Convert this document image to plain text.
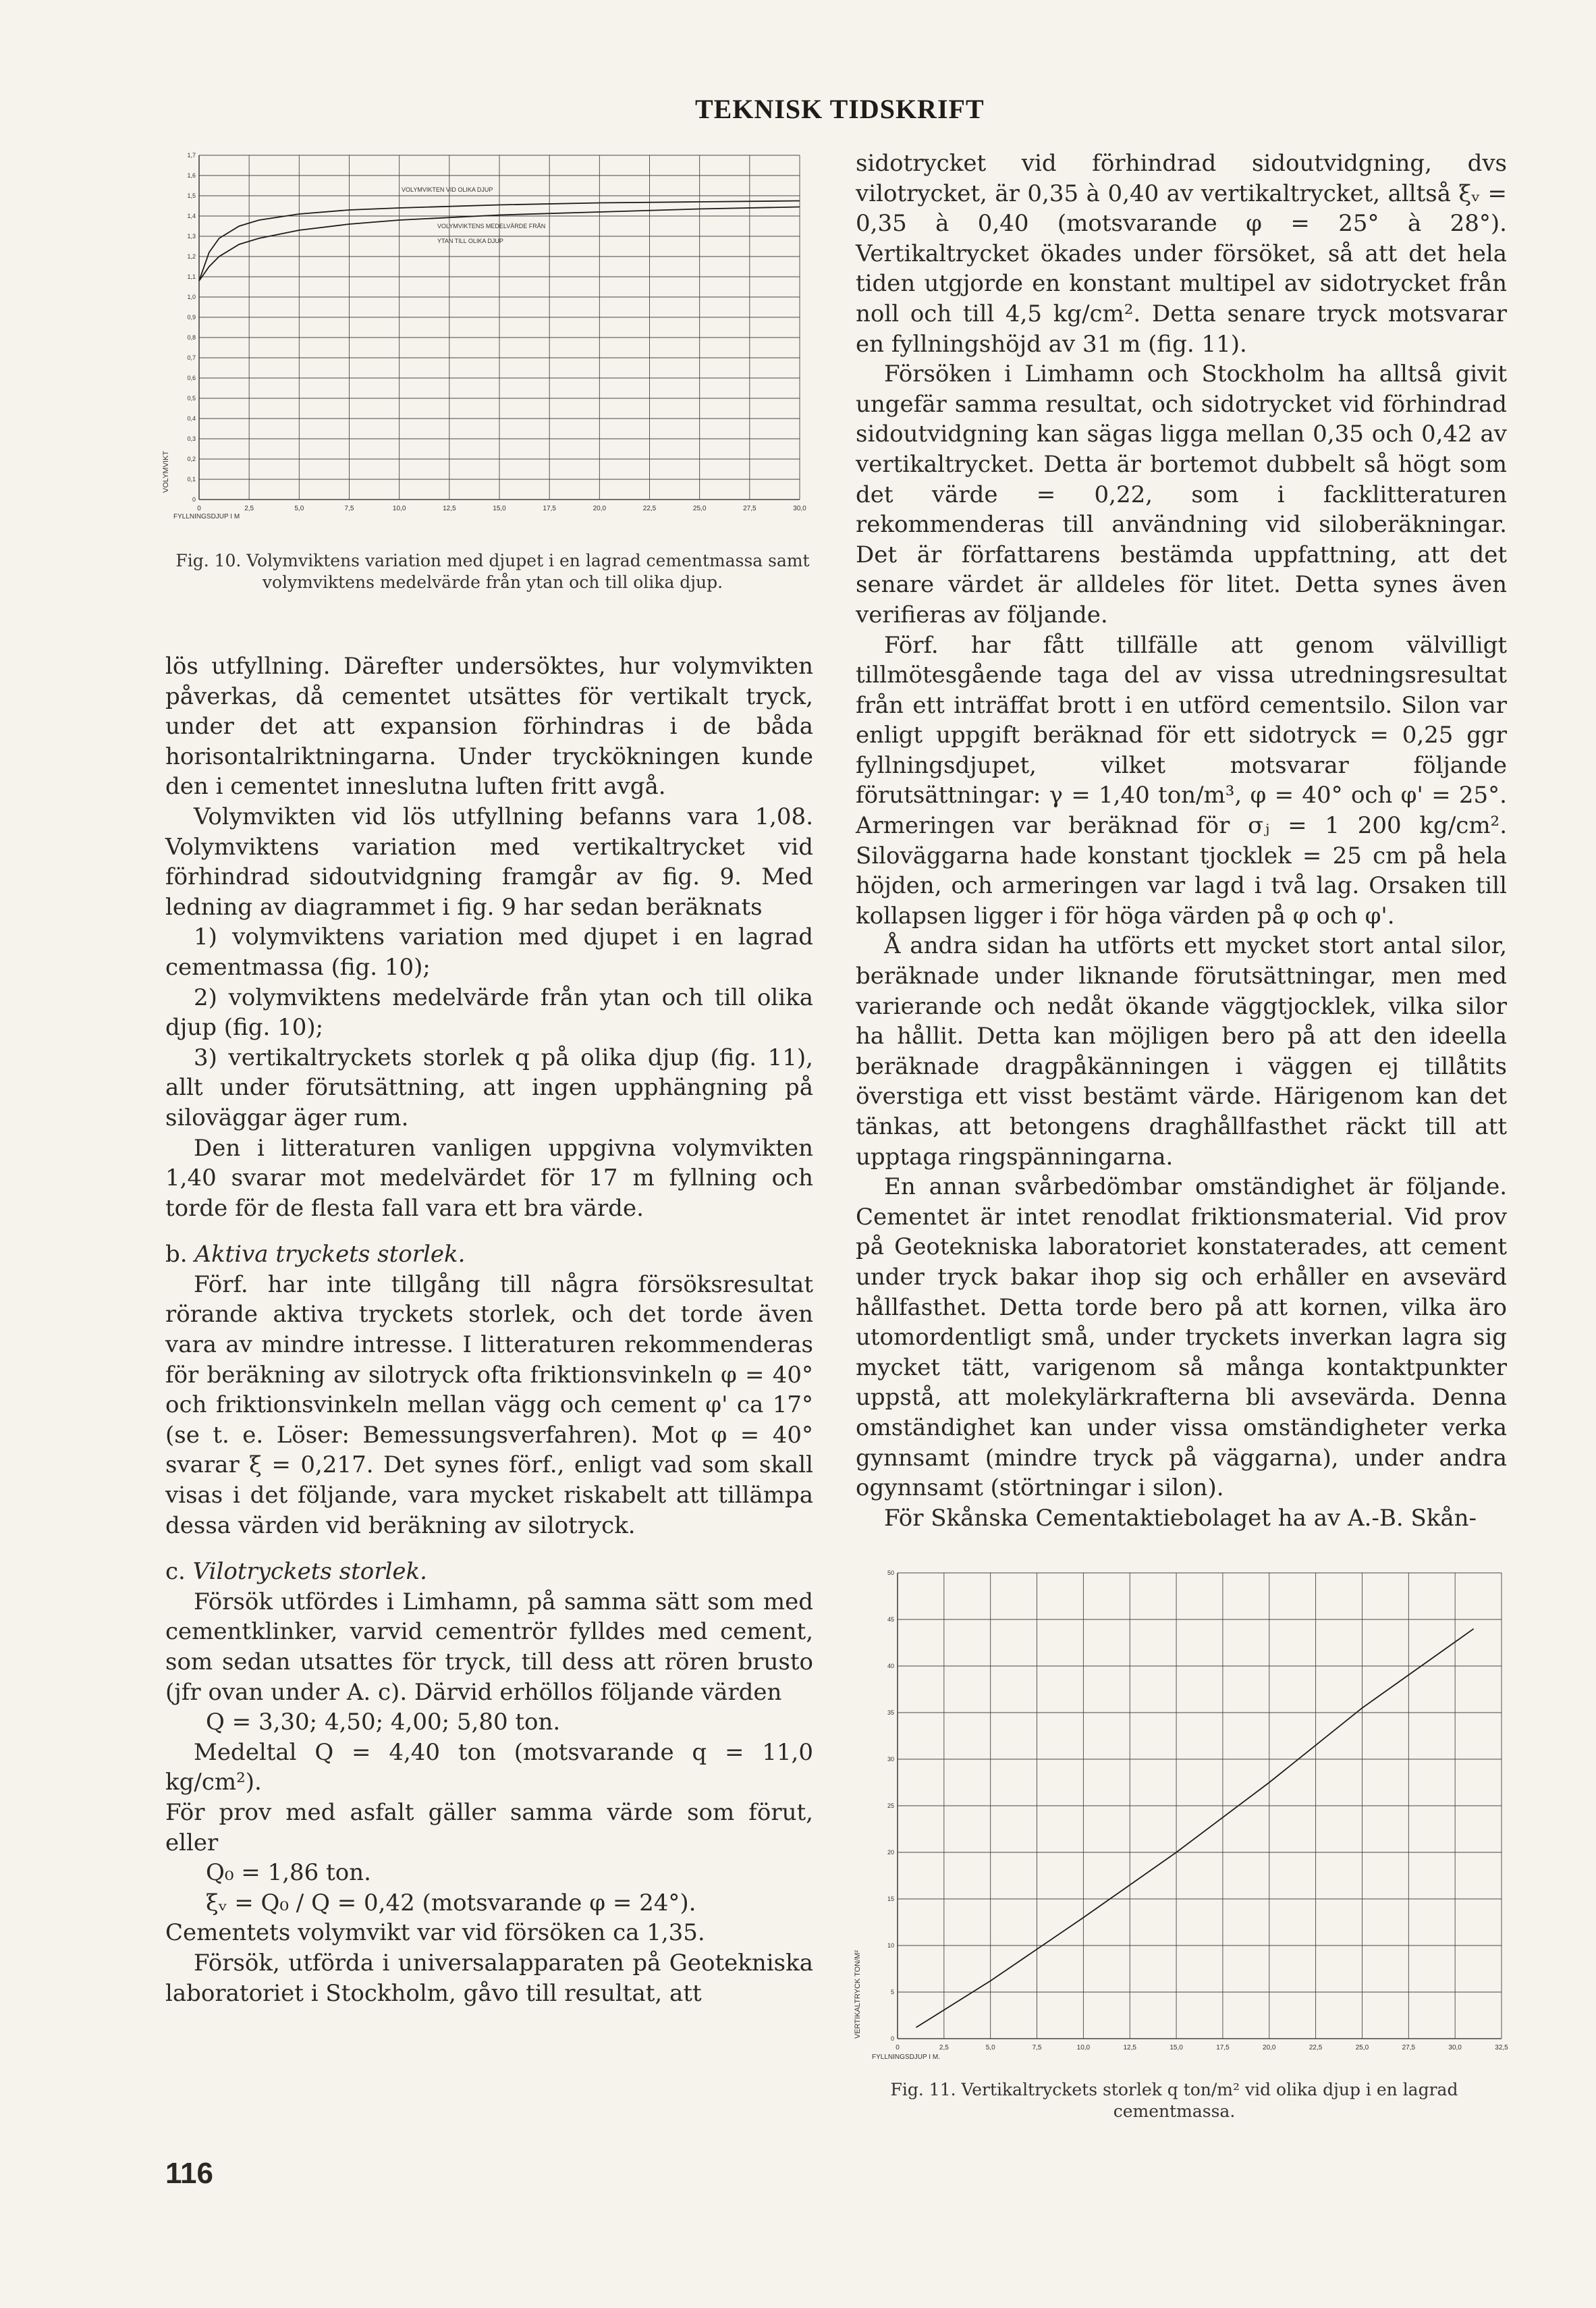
TEKNISK TIDSKRIFT
0
0,1
0,2
0,3
0,4
0,5
0,6
0,7
0,8
0,9
1,0
1,1
1,2
1,3
1,4
1,5
1,6
1,7
0	2,5	5,0	7,5	10,0	12,5	15,0	17,5	20,0	22,5	25,0	27,5	30,0
VOLYMVIKT
FYLLNINGSDJUP I M
VOLYMVIKTEN VID OLIKA DJUP
VOLYMVIKTENS MEDELVÄRDE FRÅN
YTAN TILL OLIKA DJUP
Fig. 10. Volymviktens variation med djupet i en lagrad cementmassa samt volymviktens medelvärde från ytan och till olika djup.
0
5
10
15
20
25
30
35
40
45
50
0	2,5	5,0	7,5	10,0	12,5	15,0	17,5	20,0	22,5	25,0	27,5	30,0	32,5
VERTIKALTRYCK TON/M²
FYLLNINGSDJUP I M.
Fig. 11. Vertikaltryckets storlek q ton/m² vid olika djup i en lagrad cementmassa.

lös utfyllning. Därefter undersöktes, hur volymvikten påverkas, då cementet utsättes för vertikalt tryck, under det att expansion förhindras i de båda horisontalriktningarna. Under tryckökningen kunde den i cementet inneslutna luften fritt avgå.

Volymvikten vid lös utfyllning befanns vara 1,08. Volymviktens variation med vertikaltrycket vid förhindrad sidoutvidgning framgår av fig. 9. Med ledning av diagrammet i fig. 9 har sedan beräknats

1) volymviktens variation med djupet i en lagrad cementmassa (fig. 10);

2) volymviktens medelvärde från ytan och till olika djup (fig. 10);

3) vertikaltryckets storlek q på olika djup (fig. 11), allt under förutsättning, att ingen upphängning på siloväggar äger rum.

Den i litteraturen vanligen uppgivna volymvikten 1,40 svarar mot medelvärdet för 17 m fyllning och torde för de flesta fall vara ett bra värde.

b. Aktiva tryckets storlek.

Förf. har inte tillgång till några försöksresultat rörande aktiva tryckets storlek, och det torde även vara av mindre intresse. I litteraturen rekommenderas för beräkning av silotryck ofta friktionsvinkeln φ = 40° och friktionsvinkeln mellan vägg och cement φ' ca 17° (se t. e. Löser: Bemessungsverfahren). Mot φ = 40° svarar ξ = 0,217. Det synes förf., enligt vad som skall visas i det följande, vara mycket riskabelt att tillämpa dessa värden vid beräkning av silotryck.

c. Vilotryckets storlek.

Försök utfördes i Limhamn, på samma sätt som med cementklinker, varvid cementrör fylldes med cement, som sedan utsattes för tryck, till dess att rören brusto (jfr ovan under A. c). Därvid erhöllos följande värden

Q = 3,30; 4,50; 4,00; 5,80 ton.

Medeltal Q = 4,40 ton (motsvarande q = 11,0 kg/cm²).

För prov med asfalt gäller samma värde som förut, eller

Q₀ = 1,86 ton.

ξᵥ = Q₀ / Q = 0,42 (motsvarande φ = 24°).

Cementets volymvikt var vid försöken ca 1,35.

Försök, utförda i universalapparaten på Geotekniska laboratoriet i Stockholm, gåvo till resultat, att

sidotrycket vid förhindrad sidoutvidgning, dvs vilotrycket, är 0,35 à 0,40 av vertikaltrycket, alltså ξᵥ = 0,35 à 0,40 (motsvarande φ = 25° à 28°). Vertikaltrycket ökades under försöket, så att det hela tiden utgjorde en konstant multipel av sidotrycket från noll och till 4,5 kg/cm². Detta senare tryck motsvarar en fyllningshöjd av 31 m (fig. 11).

Försöken i Limhamn och Stockholm ha alltså givit ungefär samma resultat, och sidotrycket vid förhindrad sidoutvidgning kan sägas ligga mellan 0,35 och 0,42 av vertikaltrycket. Detta är bortemot dubbelt så högt som det värde = 0,22, som i facklitteraturen rekommenderas till användning vid siloberäkningar. Det är författarens bestämda uppfattning, att det senare värdet är alldeles för litet. Detta synes även verifieras av följande.

Förf. har fått tillfälle att genom välvilligt tillmötesgående taga del av vissa utredningsresultat från ett inträffat brott i en utförd cementsilo. Silon var enligt uppgift beräknad för ett sidotryck = 0,25 ggr fyllningsdjupet, vilket motsvarar följande förutsättningar: γ = 1,40 ton/m³, φ = 40° och φ' = 25°. Armeringen var beräknad för σⱼ = 1 200 kg/cm². Siloväggarna hade konstant tjocklek = 25 cm på hela höjden, och armeringen var lagd i två lag. Orsaken till kollapsen ligger i för höga värden på φ och φ'.

Å andra sidan ha utförts ett mycket stort antal silor, beräknade under liknande förutsättningar, men med varierande och nedåt ökande väggtjocklek, vilka silor ha hållit. Detta kan möjligen bero på att den ideella beräknade dragpåkänningen i väggen ej tillåtits överstiga ett visst bestämt värde. Härigenom kan det tänkas, att betongens draghållfasthet räckt till att upptaga ringspänningarna.

En annan svårbedömbar omständighet är följande. Cementet är intet renodlat friktionsmaterial. Vid prov på Geotekniska laboratoriet konstaterades, att cement under tryck bakar ihop sig och erhåller en avsevärd hållfasthet. Detta torde bero på att kornen, vilka äro utomordentligt små, under tryckets inverkan lagra sig mycket tätt, varigenom så många kontaktpunkter uppstå, att molekylärkrafterna bli avsevärda. Denna omständighet kan under vissa omständigheter verka gynnsamt (mindre tryck på väggarna), under andra ogynnsamt (störtningar i silon).

För Skånska Cementaktiebolaget ha av A.-B. Skån-

116
